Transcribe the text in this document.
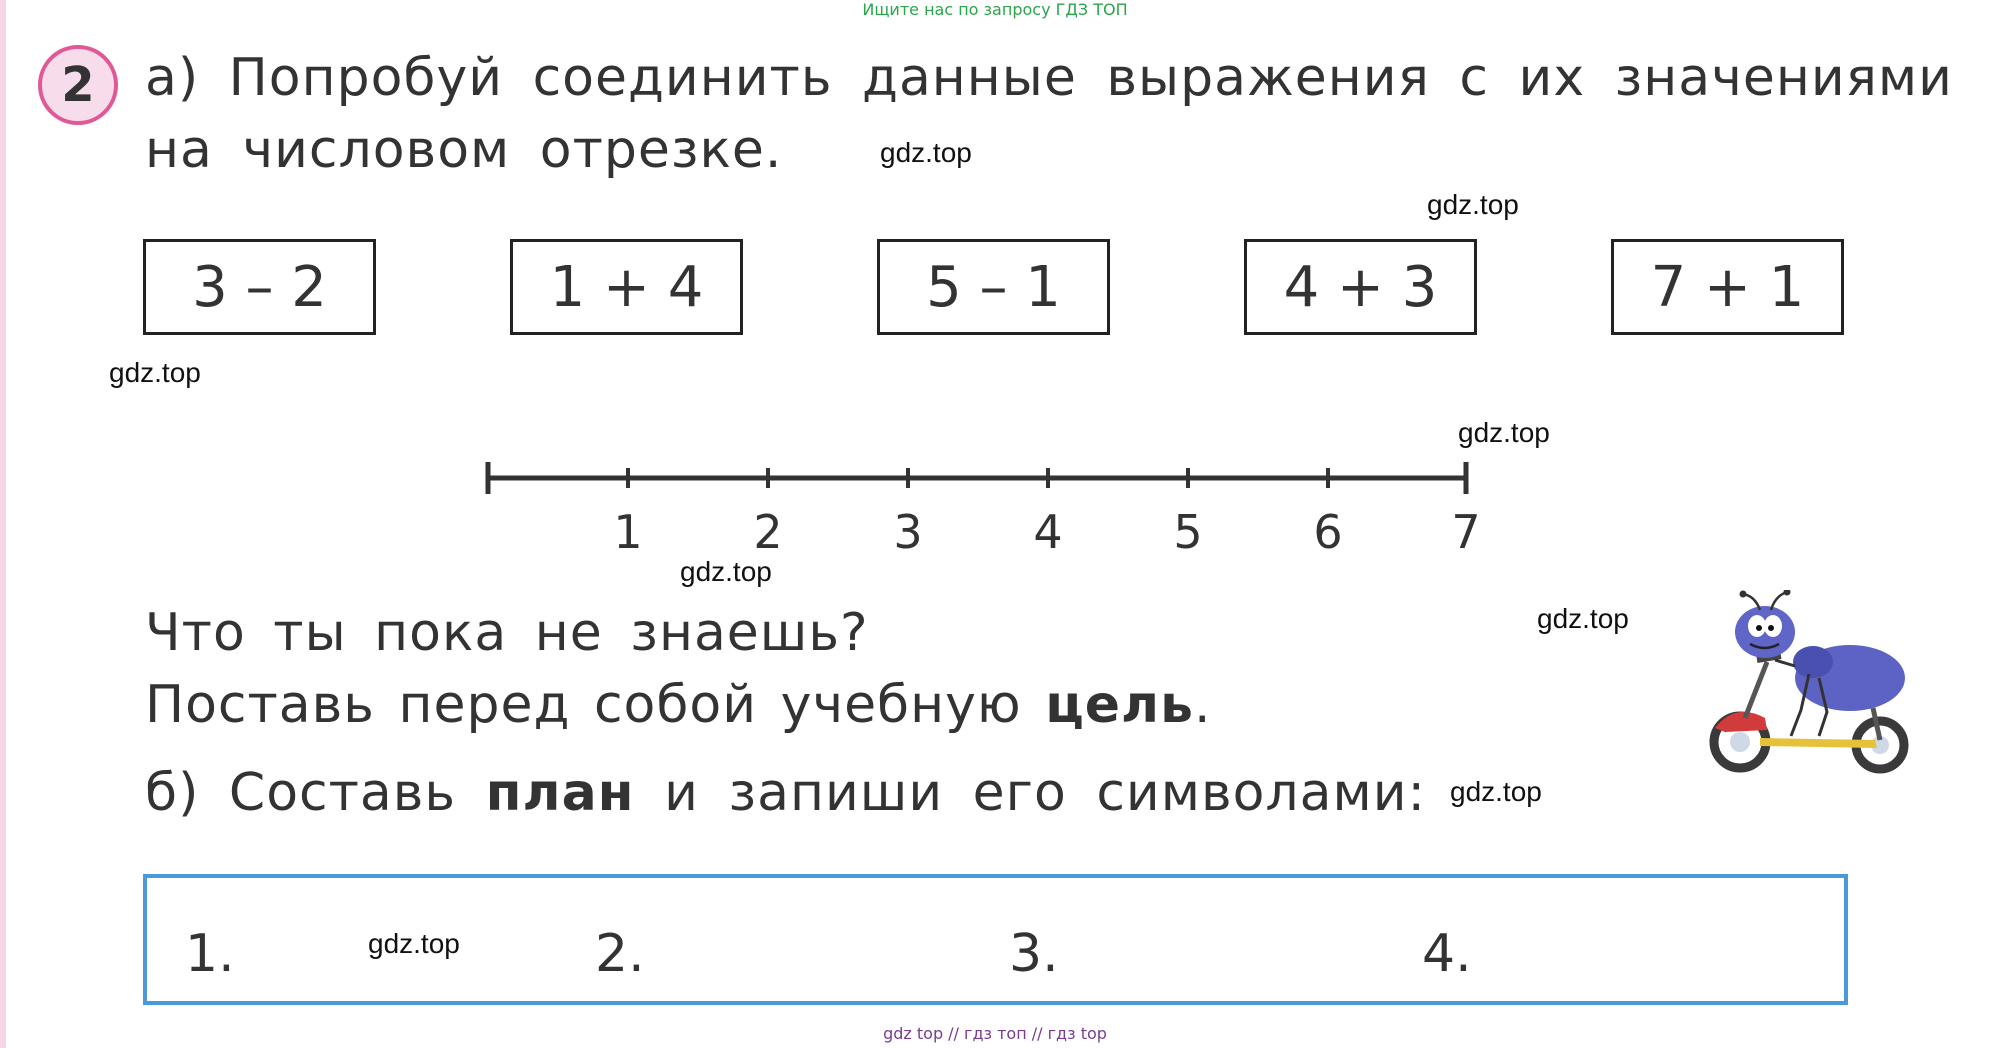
Ищите нас по запросу ГДЗ ТОП
2 а) Попробуй соединить данные выражения с их значениями
на числовом отрезке.
3 – 2	1 + 4	5 – 1	4 + 3	7 + 1
1 2 3 4 5 6 7
Что ты пока не знаешь?
Поставь перед собой учебную цель.
б) Составь план и запиши его символами:
1.	2.	3.	4.
gdz.top
gdz.top
gdz.top
gdz.top
gdz.top
gdz.top
gdz.top
gdz.top
gdz top // гдз топ // гдз top
